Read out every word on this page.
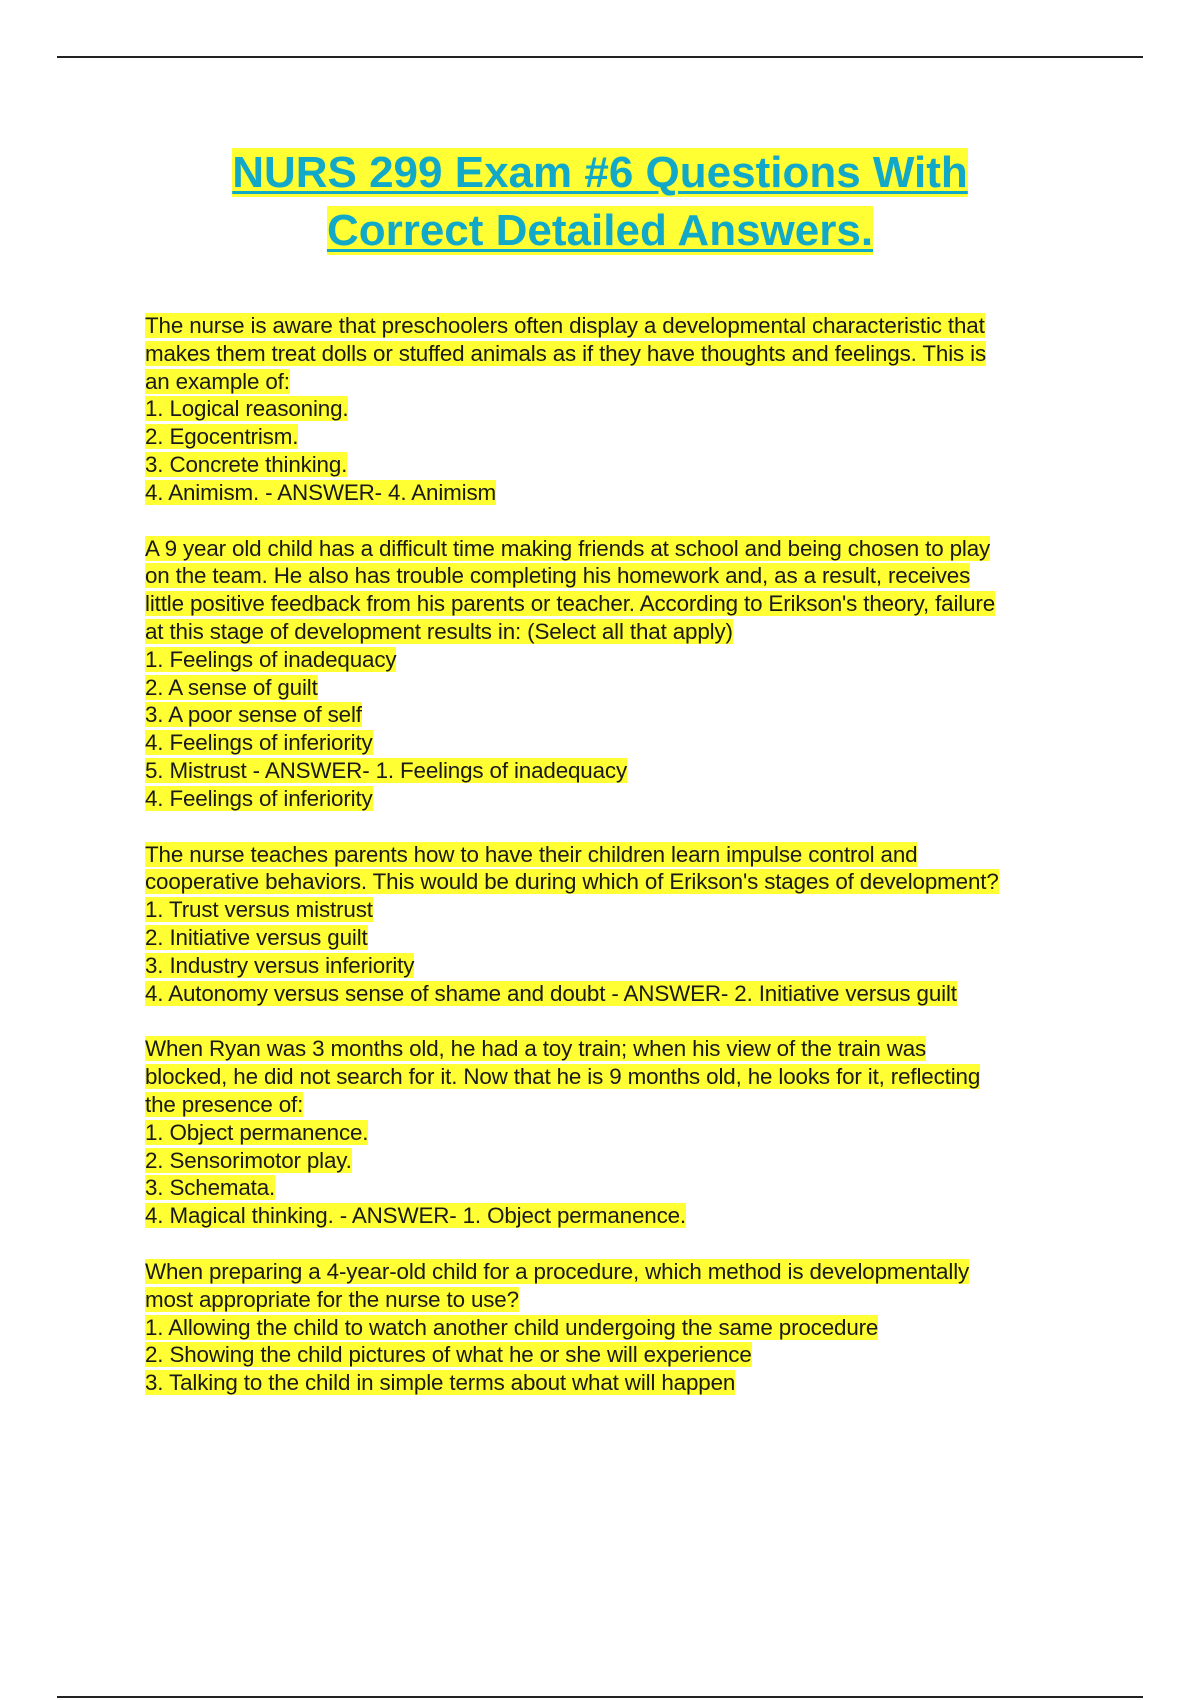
NURS 299 Exam #6 Questions With
Correct Detailed Answers.
The nurse is aware that preschoolers often display a developmental characteristic that
makes them treat dolls or stuffed animals as if they have thoughts and feelings. This is
an example of:
1. Logical reasoning.
2. Egocentrism.
3. Concrete thinking.
4. Animism. - ANSWER- 4. Animism
A 9 year old child has a difficult time making friends at school and being chosen to play
on the team. He also has trouble completing his homework and, as a result, receives
little positive feedback from his parents or teacher. According to Erikson's theory, failure
at this stage of development results in: (Select all that apply)
1. Feelings of inadequacy
2. A sense of guilt
3. A poor sense of self
4. Feelings of inferiority
5. Mistrust - ANSWER- 1. Feelings of inadequacy
4. Feelings of inferiority
The nurse teaches parents how to have their children learn impulse control and
cooperative behaviors. This would be during which of Erikson's stages of development?
1. Trust versus mistrust
2. Initiative versus guilt
3. Industry versus inferiority
4. Autonomy versus sense of shame and doubt - ANSWER- 2. Initiative versus guilt
When Ryan was 3 months old, he had a toy train; when his view of the train was
blocked, he did not search for it. Now that he is 9 months old, he looks for it, reflecting
the presence of:
1. Object permanence.
2. Sensorimotor play.
3. Schemata.
4. Magical thinking. - ANSWER- 1. Object permanence.
When preparing a 4-year-old child for a procedure, which method is developmentally
most appropriate for the nurse to use?
1. Allowing the child to watch another child undergoing the same procedure
2. Showing the child pictures of what he or she will experience
3. Talking to the child in simple terms about what will happen
